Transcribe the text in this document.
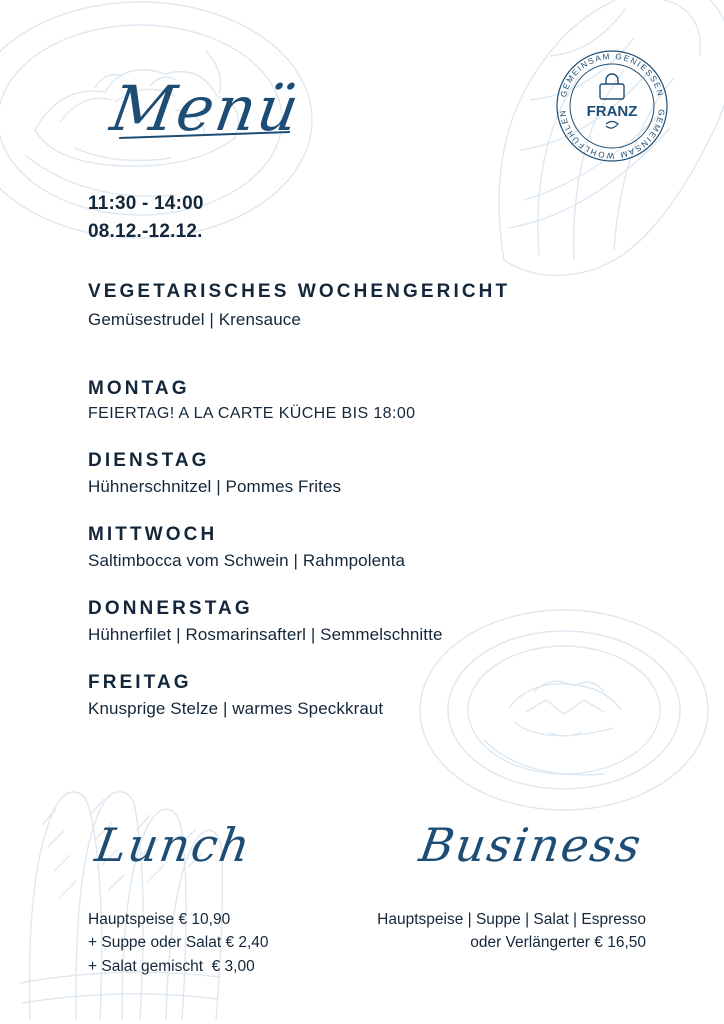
GEMEINSAM GENIESSEN
GEMEINSAM WOHLFÜHLEN	FRANZ
Menü
11:30 - 14:00
08.12.-12.12.
VEGETARISCHES WOCHENGERICHT
Gemüsestrudel | Krensauce
MONTAG
FEIERTAG! A LA CARTE KÜCHE BIS 18:00
DIENSTAG
Hühnerschnitzel | Pommes Frites
MITTWOCH
Saltimbocca vom Schwein | Rahmpolenta
DONNERSTAG
Hühnerfilet | Rosmarinsafterl | Semmelschnitte
FREITAG
Knusprige Stelze | warmes Speckkraut
Lunch
Hauptspeise € 10,90
+ Suppe oder Salat € 2,40
+ Salat gemischt  € 3,00
Business
Hauptspeise | Suppe | Salat | Espresso
oder Verlängerter € 16,50
